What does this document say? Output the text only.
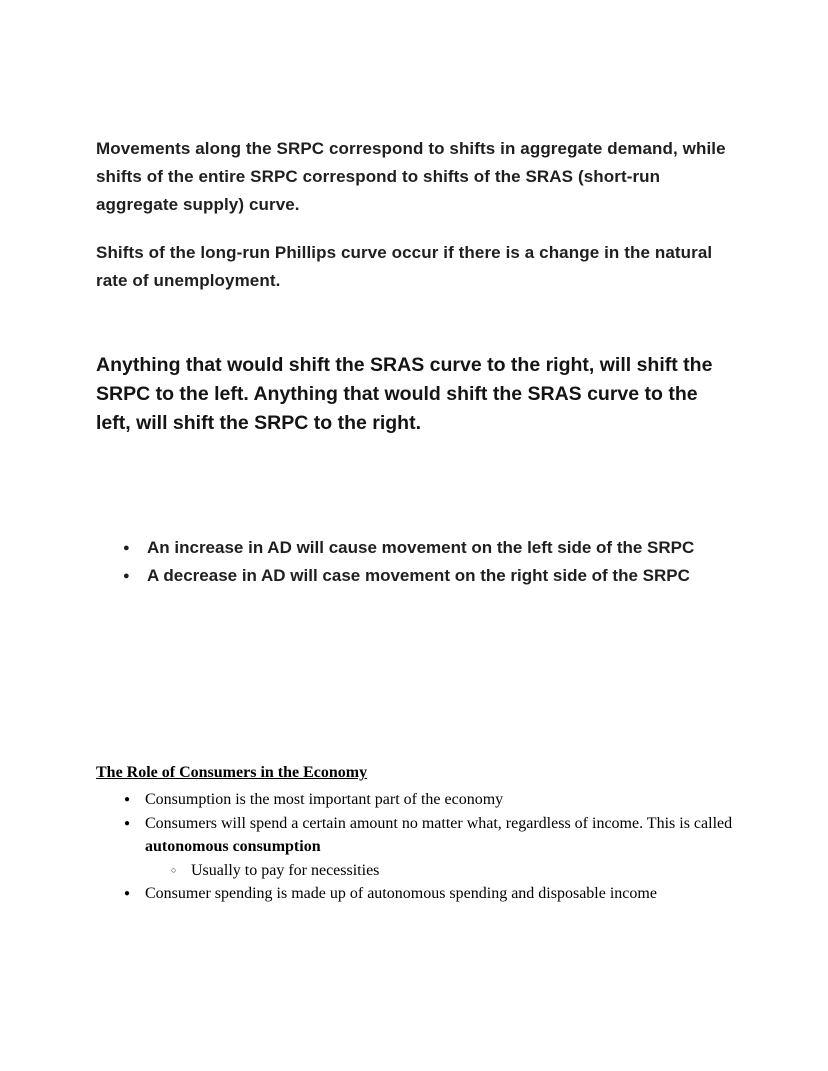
Movements along the SRPC correspond to shifts in aggregate demand, while shifts of the entire SRPC correspond to shifts of the SRAS (short-run aggregate supply) curve.

Shifts of the long-run Phillips curve occur if there is a change in the natural rate of unemployment.

Anything that would shift the SRAS curve to the right, will shift the SRPC to the left. Anything that would shift the SRAS curve to the left, will shift the SRPC to the right.

●	An increase in AD will cause movement on the left side of the SRPC
●	A decrease in AD will case movement on the right side of the SRPC
The Role of Consumers in the Economy
● Consumption is the most important part of the economy
● Consumers will spend a certain amount no matter what, regardless of income. This is called autonomous consumption
○ Usually to pay for necessities
● Consumer spending is made up of autonomous spending and disposable income
